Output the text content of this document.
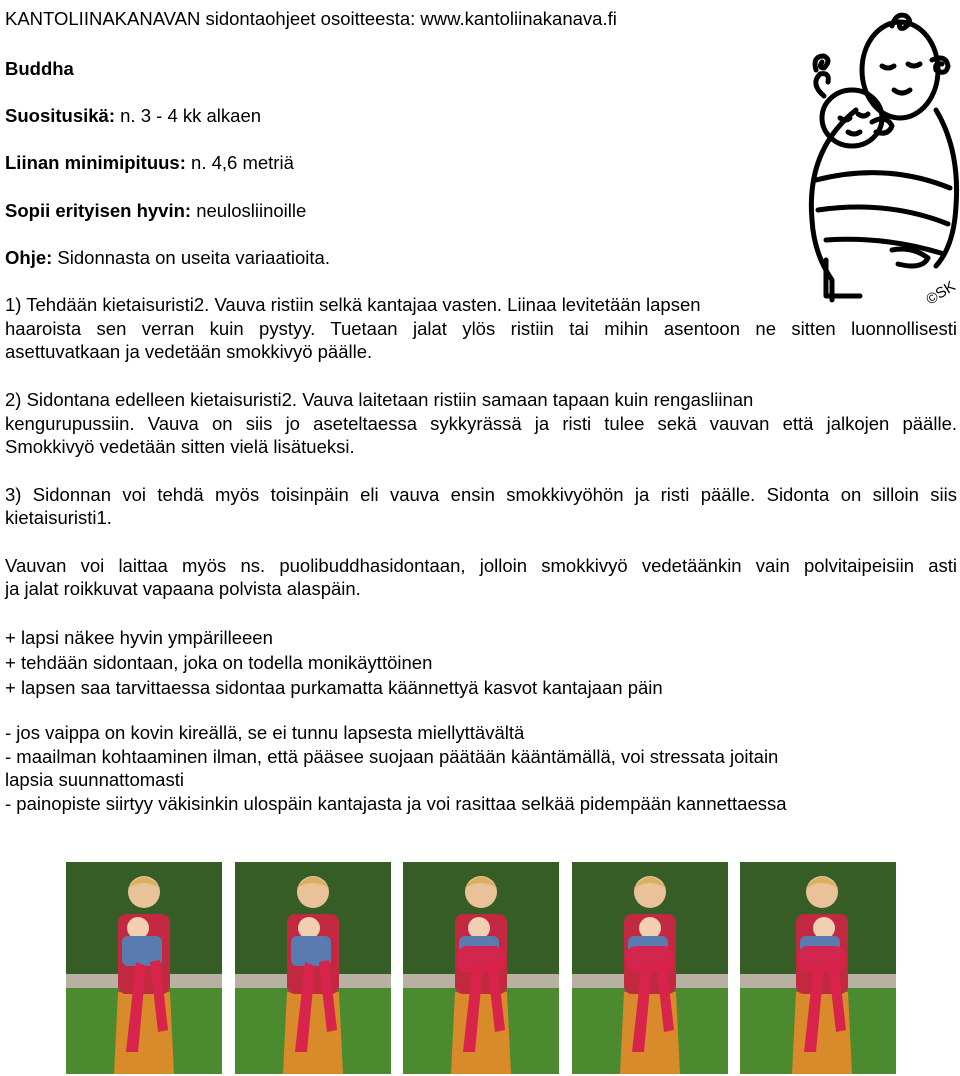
KANTOLIINAKANAVAN sidontaohjeet osoitteesta: www.kantoliinakanava.fi
Buddha
Suositusikä: n. 3 - 4 kk alkaen
Liinan minimipituus: n. 4,6 metriä
Sopii erityisen hyvin: neulosliinoille
Ohje: Sidonnasta on useita variaatioita.
1) Tehdään kietaisuristi2. Vauva ristiin selkä kantajaa vasten. Liinaa levitetään lapsen
haaroista sen verran kuin pystyy. Tuetaan jalat ylös ristiin tai mihin asentoon ne sitten luonnollisesti
asettuvatkaan ja vedetään smokkivyö päälle.
2) Sidontana edelleen kietaisuristi2. Vauva laitetaan ristiin samaan tapaan kuin rengasliinan
kengurupussiin. Vauva on siis jo aseteltaessa sykkyrässä ja risti tulee sekä vauvan että jalkojen päälle.
Smokkivyö vedetään sitten vielä lisätueksi.
3) Sidonnan voi tehdä myös toisinpäin eli vauva ensin smokkivyöhön ja risti päälle. Sidonta on silloin siis
kietaisuristi1.
Vauvan voi laittaa myös ns. puolibuddhasidontaan, jolloin smokkivyö vedetäänkin vain polvitaipeisiin asti
ja jalat roikkuvat vapaana polvista alaspäin.
+ lapsi näkee hyvin ympärilleeen
+ tehdään sidontaan, joka on todella monikäyttöinen
+ lapsen saa tarvittaessa sidontaa purkamatta käännettyä kasvot kantajaan päin
- jos vaippa on kovin kireällä, se ei tunnu lapsesta miellyttävältä
- maailman kohtaaminen ilman, että pääsee suojaan päätään kääntämällä, voi stressata joitain
lapsia suunnattomasti
- painopiste siirtyy väkisinkin ulospäin kantajasta ja voi rasittaa selkää pidempään kannettaessa
©SK
